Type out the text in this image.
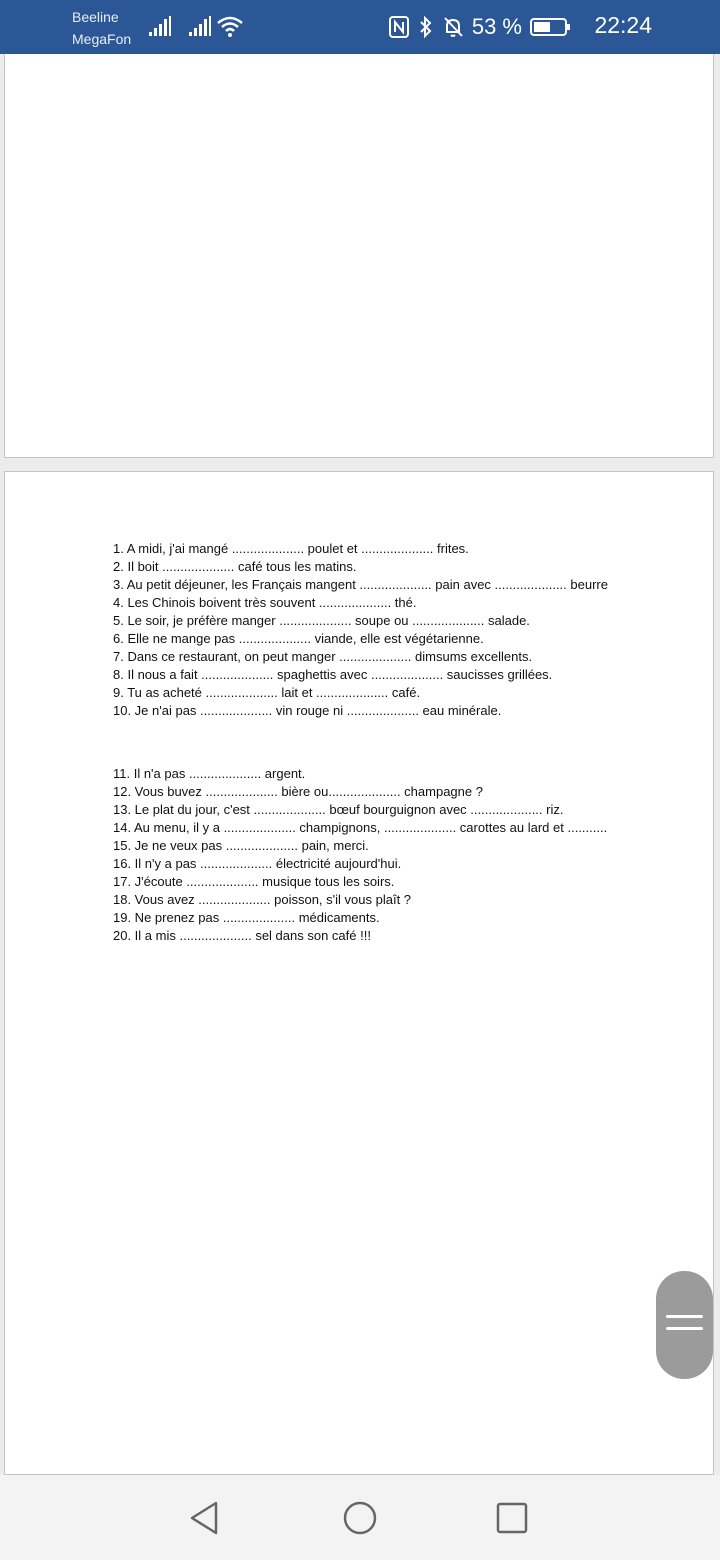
Beeline
MegaFon	53 %	22:24
1. A midi, j'ai mangé .................... poulet et .................... frites.
2. Il boit .................... café tous les matins.
3. Au petit déjeuner, les Français mangent .................... pain avec .................... beurre
4. Les Chinois boivent très souvent .................... thé.
5. Le soir, je préfère manger .................... soupe ou .................... salade.
6. Elle ne mange pas .................... viande, elle est végétarienne.
7. Dans ce restaurant, on peut manger .................... dimsums excellents.
8. Il nous a fait .................... spaghettis avec .................... saucisses grillées.
9. Tu as acheté .................... lait et .................... café.
10. Je n'ai pas .................... vin rouge ni .................... eau minérale.
11. Il n'a pas .................... argent.
12. Vous buvez .................... bière ou.................... champagne ?
13. Le plat du jour, c'est .................... bœuf bourguignon avec .................... riz.
14. Au menu, il y a .................... champignons, .................... carottes au lard et ...........
15. Je ne veux pas .................... pain, merci.
16. Il n'y a pas .................... électricité aujourd'hui.
17. J'écoute .................... musique tous les soirs.
18. Vous avez .................... poisson, s'il vous plaît ?
19. Ne prenez pas .................... médicaments.
20. Il a mis .................... sel dans son café !!!
